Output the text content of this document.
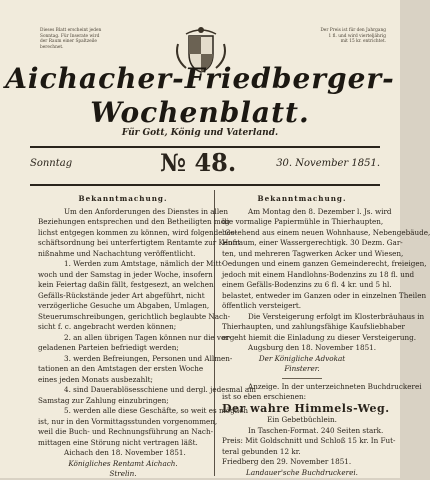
Dieses Blatt erscheint jeden
Sonntag. Für Inserate wird
der Raum einer Spaltzeile
berechnet.
Der Preis ist für den Jahrgang
1 fl. und wird vierteljährig
mit 15 kr. entrichtet.
Aichacher-Friedberger-
Wochenblatt.
Für Gott, König und Vaterland.
Sonntag	№ 48.	30. November 1851.
Bekanntmachung.
Um den Anforderungen des Dienstes in allen
Beziehungen entsprechen und den Betheiligten mög-
lichst entgegen kommen zu können, wird folgende Ge-
schäftsordnung bei unterfertigtem Rentamte zur Kennt-
nißnahme und Nachachtung veröffentlicht.
1. Werden zum Amtstage, nämlich der Mitt-
woch und der Samstag in jeder Woche, insofern
kein Feiertag daßin fällt, festgesezt, an welchen
Gefälls-Rückstände jeder Art abgeführt, nicht
verzögerliche Gesuche um Abgaben, Umlagen,
Steuerumschreibungen, gerichtlich beglaubte Nach-
sicht f. c. angebracht werden können;
2. an allen übrigen Tagen können nur die vor-
geladenen Parteien befriedigt werden;
3. werden Befreiungen, Personen und Allmen-
tationen an den Amtstagen der ersten Woche
eines jeden Monats ausbezahlt;
4. sind Dauerablösesschiene und dergl. jedesmal am
Samstag zur Zahlung einzubringen;
5. werden alle diese Geschäfte, so weit es möglich
ist, nur in den Vormittagsstunden vorgenommen,
weil die Buch- und Rechnungsführung an Nach-
mittagen eine Störung nicht vertragen läßt.
Aichach den 18. November 1851.
Königliches Rentamt Aichach.
Strelin.
Bekanntmachung.
Am Montag den 8. Dezember l. Js. wird
die vormalige Papiermühle in Thierhaupten,
bestehend aus einem neuen Wohnhause, Nebengebäude,
Hofraum, einer Wassergerechtigk. 30 Dezm. Gar-
ten, und mehreren Tagwerken Acker und Wiesen,
Oedungen und einem ganzen Gemeinderecht, freieigen,
jedoch mit einem Handlohns-Bodenzins zu 18 fl. und
einem Gefälls-Bodenzins zu 6 fl. 4 kr. und 5 hl.
belastet, entweder im Ganzen oder in einzelnen Theilen
öffentlich versteigert.
Die Versteigerung erfolgt im Klosterbräuhaus in
Thierhaupten, und zahlungsfähige Kaufsliebhaber
ergeht hiemit die Einladung zu dieser Versteigerung.
Augsburg den 18. November 1851.
Der Königliche Advokat
Finsterer.
Anzeige. In der unterzeichneten Buchdruckerei
ist so eben erschienen:
Der wahre Himmels-Weg.
Ein Gebetbüchlein.
In Taschen-Format. 240 Seiten stark.
Preis: Mit Goldschnitt und Schloß 15 kr. In Fut-
teral gebunden 12 kr.
Friedberg den 29. November 1851.
Landauer'sche Buchdruckerei.
